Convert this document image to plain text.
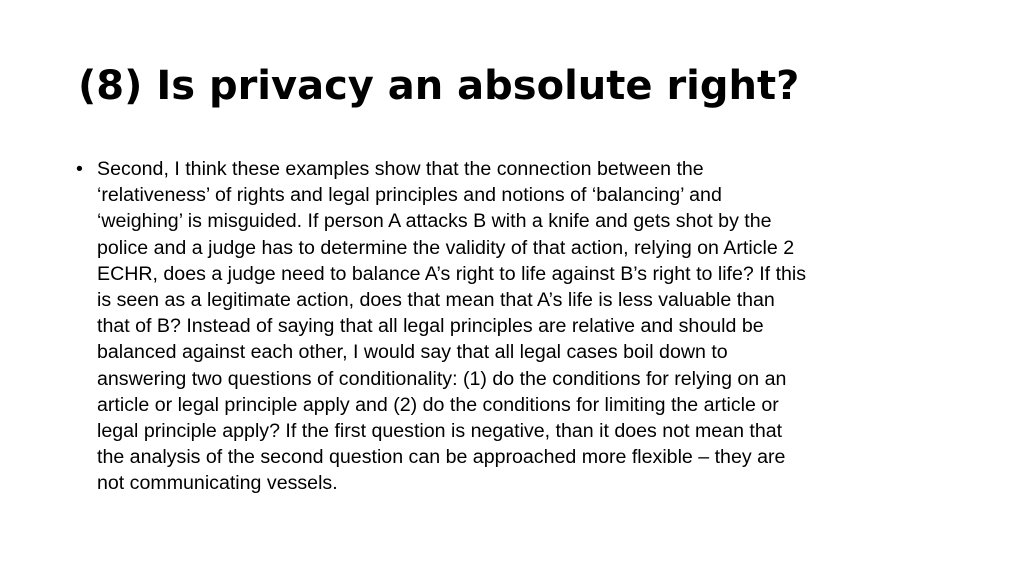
(8) Is privacy an absolute right?
• Second, I think these examples show that the connection between the
‘relativeness’ of rights and legal principles and notions of ‘balancing’ and
‘weighing’ is misguided. If person A attacks B with a knife and gets shot by the
police and a judge has to determine the validity of that action, relying on Article 2
ECHR, does a judge need to balance A’s right to life against B’s right to life? If this
is seen as a legitimate action, does that mean that A’s life is less valuable than
that of B? Instead of saying that all legal principles are relative and should be
balanced against each other, I would say that all legal cases boil down to
answering two questions of conditionality: (1) do the conditions for relying on an
article or legal principle apply and (2) do the conditions for limiting the article or
legal principle apply? If the first question is negative, than it does not mean that
the analysis of the second question can be approached more flexible – they are
not communicating vessels.
